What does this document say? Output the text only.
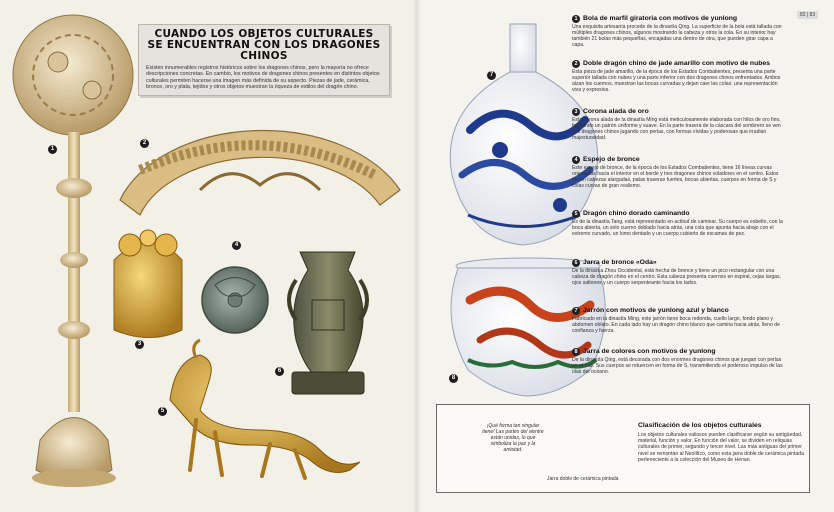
CUANDO LOS OBJETOS CULTURALES SE ENCUENTRAN CON LOS DRAGONES CHINOS

Existen innumerables registros históricos sobre los dragones chinos, pero la mayoría no ofrece descripciones concretas. En cambio, los motivos de dragones chinos presentes en distintos objetos culturales permiten hacerse una imagen más definida de su aspecto. Piezas de jade, cerámica, bronce, oro y plata, tejidos y otros objetos muestran la riqueza de estilos del dragón chino.

1
2
3
4
5
6
7
8
82 | 83
1 Bola de marfil giratoria con motivos de yunlong

Una exquisita artesanía procede de la dinastía Qing. La superficie de la bola está tallada con múltiples dragones chinos, algunos mostrando la cabeza y otros la cola. En su interior hay también 21 bolas más pequeñas, encajadas una dentro de otra, que pueden girar capa a capa.

2 Doble dragón chino de jade amarillo con motivo de nubes

Esta pieza de jade amarillo, de la época de los Estados Combatientes, presenta una parte superior tallada con nubes y una parte inferior con dos dragones chinos enfrentados. Ambos alzan los cuernos, muestran las bocas curvadas y dejan caer las colas: una representación viva y expresiva.

3 Corona alada de oro

Esta corona alada de la dinastía Ming está meticulosamente elaborada con hilos de oro fino, formando un patrón uniforme y suave. En la parte trasera de la cáscara del sombrero se ven dos dragones chinos jugando con perlas, con formas vívidas y poderosas que irradian majestuosidad.

4 Espejo de bronce

Este espejo de bronce, de la época de los Estados Combatientes, tiene 16 líneas curvas orientadas hacia el interior en el borde y tres dragones chinos voladores en el centro. Estos tienen cabezas alargadas, patas traseras fuertes, bocas abiertas, cuerpos en forma de S y colas curvas de gran realismo.

5 Dragón chino dorado caminando

Es de la dinastía Tang, está representado en actitud de caminar. Su cuerpo es esbelto, con la boca abierta, un solo cuerno doblado hacia atrás, una cola que apunta hacia abajo con el extremo curvado, un lomo dentado y un cuerpo cubierto de escamas de pez.

6 Jarra de bronce «Oda»

De la dinastía Zhou Occidental, está hecha de bronce y tiene un pico rectangular con una cabeza de dragón chino en el centro. Esta cabeza presenta cuernos en espiral, cejas largas, ojos saltones y un cuerpo serpenteante hacia los lados.

7 Jarrón con motivos de yunlong azul y blanco

Fabricado en la dinastía Ming, este jarrón tiene boca redonda, cuello largo, fondo plano y abdomen oblato. En cada lado hay un dragón chino blanco que camina hacia atrás, lleno de confianza y fuerza.

8 Jarra de colores con motivos de yunlong

De la dinastía Qing, está decorada con dos enormes dragones chinos que juegan con perlas en el mar. Sus cuerpos se retuercen en forma de S, transmitiendo el poderoso impulso de las olas del océano.

Clasificación de los objetos culturales

Los objetos culturales valiosos pueden clasificarse según su antigüedad, material, función y valor. En función del valor, se dividen en reliquias culturales de primer, segundo y tercer nivel. Las más antiguas del primer nivel se remontan al Neolítico, como esta jarra doble de cerámica pintada perteneciente a la colección del Museo de Henan.

¡Qué forma tan singular tiene! Las partes del vientre están unidas, lo que simboliza la paz y la amistad.
Jarra doble de cerámica pintada
